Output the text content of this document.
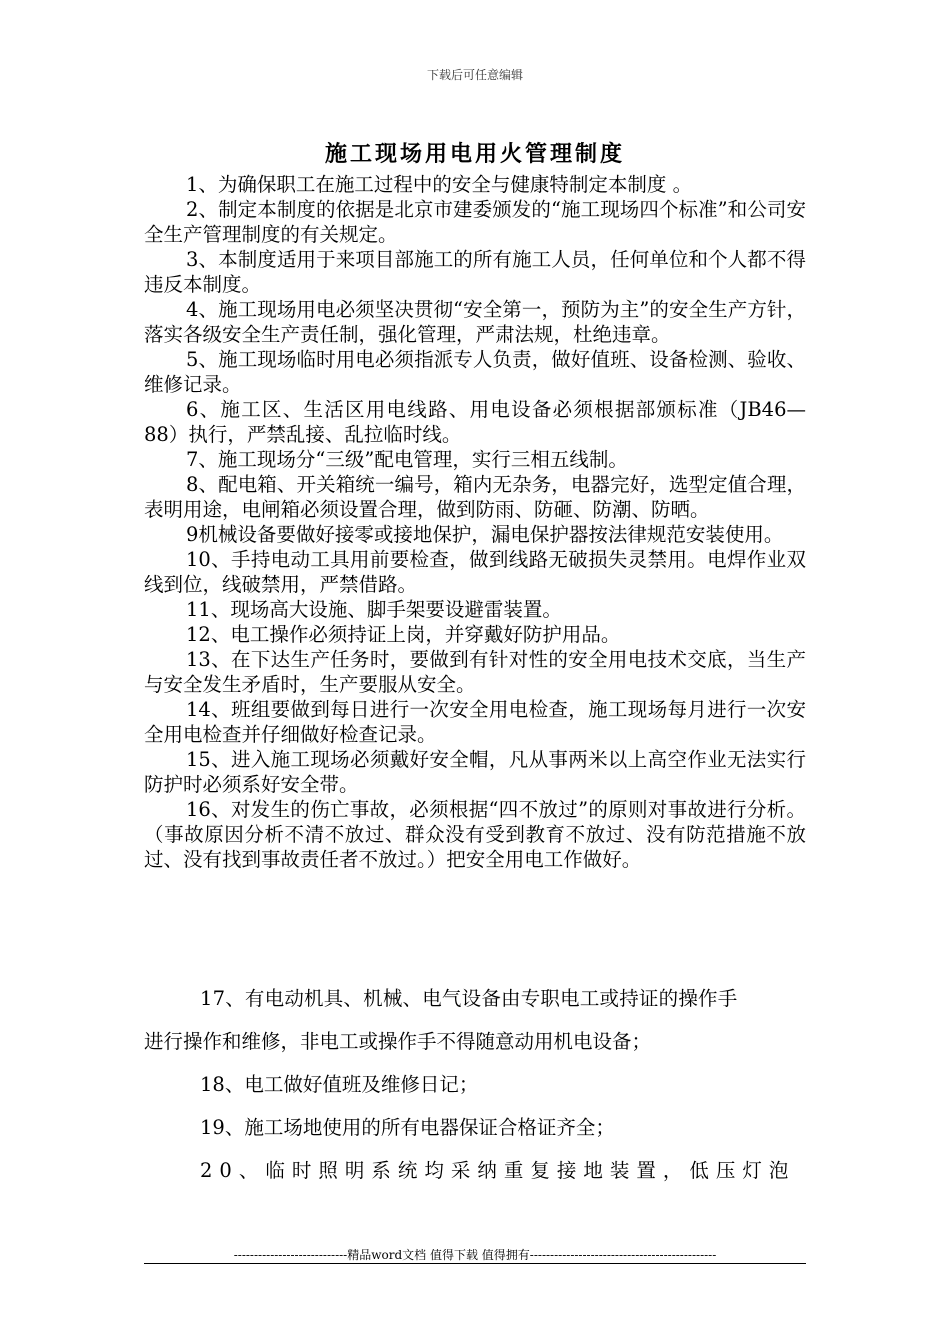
下载后可任意编辑
施工现场用电用火管理制度

1、为确保职工在施工过程中的安全与健康特制定本制度 。

2、制定本制度的依据是北京市建委颁发的“施工现场四个标准”和公司安全生产管理制度的有关规定。

3、本制度适用于来项目部施工的所有施工人员，任何单位和个人都不得违反本制度。

4、施工现场用电必须坚决贯彻“安全第一，预防为主”的安全生产方针，落实各级安全生产责任制，强化管理，严肃法规，杜绝违章。

5、施工现场临时用电必须指派专人负责，做好值班、设备检测、验收、维修记录。

6、施工区、生活区用电线路、用电设备必须根据部颁标准（JB46—88）执行，严禁乱接、乱拉临时线。

7、施工现场分“三级”配电管理，实行三相五线制。

8、配电箱、开关箱统一编号，箱内无杂务，电器完好，选型定值合理，表明用途，电闸箱必须设置合理，做到防雨、防砸、防潮、防晒。

9机械设备要做好接零或接地保护，漏电保护器按法律规范安装使用。

10、手持电动工具用前要检查，做到线路无破损失灵禁用。电焊作业双线到位，线破禁用，严禁借路。

11、现场高大设施、脚手架要设避雷装置。

12、电工操作必须持证上岗，并穿戴好防护用品。

13、在下达生产任务时，要做到有针对性的安全用电技术交底，当生产与安全发生矛盾时，生产要服从安全。

14、班组要做到每日进行一次安全用电检查，施工现场每月进行一次安全用电检查并仔细做好检查记录。

15、进入施工现场必须戴好安全帽，凡从事两米以上高空作业无法实行防护时必须系好安全带。

16、对发生的伤亡事故，必须根据“四不放过”的原则对事故进行分析。（事故原因分析不清不放过、群众没有受到教育不放过、没有防范措施不放过、没有找到事故责任者不放过。）把安全用电工作做好。

17、有电动机具、机械、电气设备由专职电工或持证的操作手

进行操作和维修，非电工或操作手不得随意动用机电设备；

18、电工做好值班及维修日记；

19、施工场地使用的所有电器保证合格证齐全；

20、临时照明系统均采纳重复接地装置，低压灯泡

----------------------------精品word文档 值得下载 值得拥有----------------------------------------------
